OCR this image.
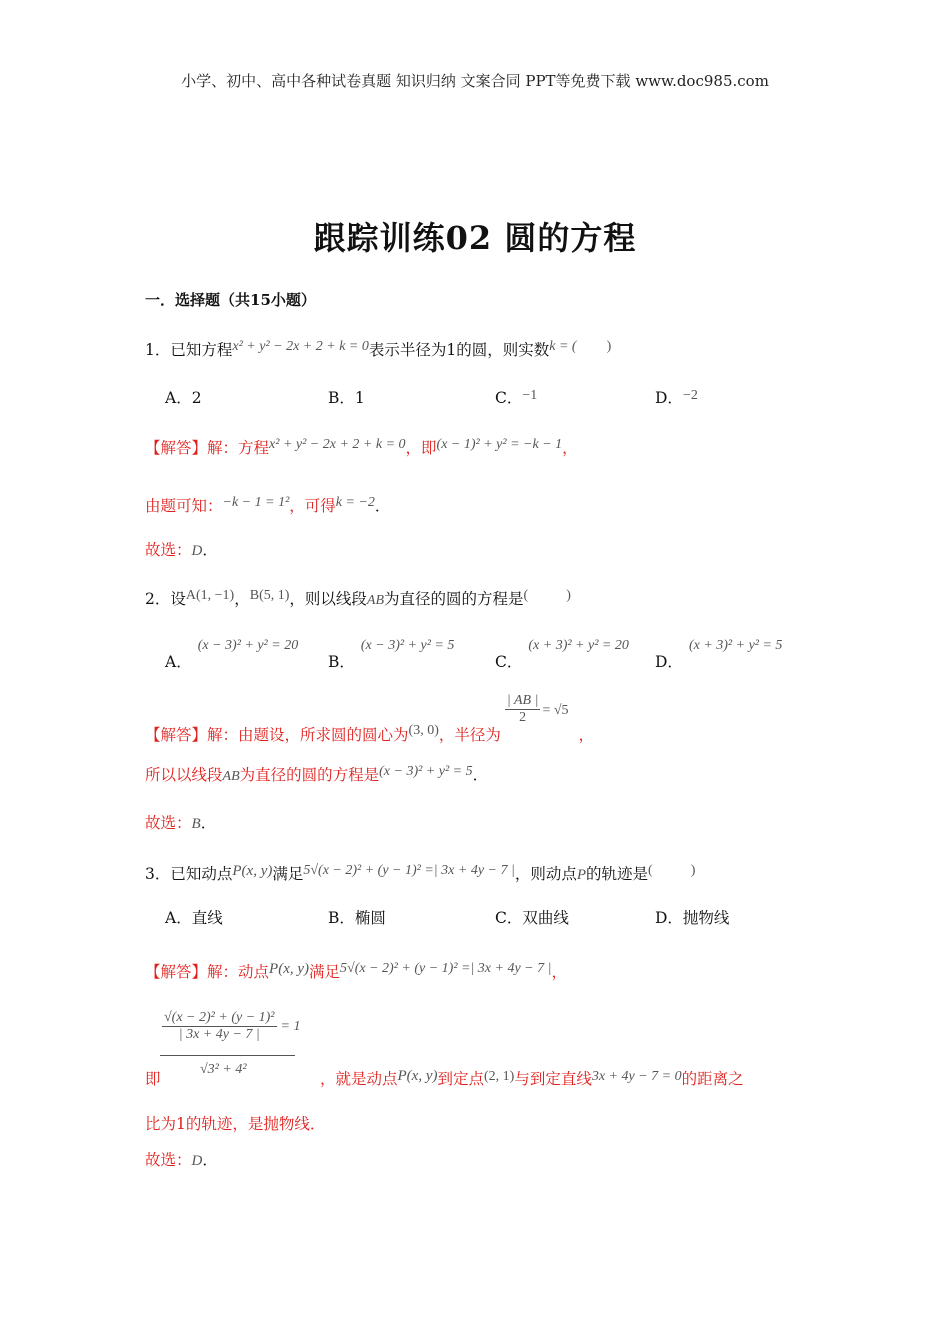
小学、初中、高中各种试卷真题 知识归纳 文案合同 PPT等免费下载 www.doc985.com
跟踪训练02 圆的方程
一．选择题（共15小题）
1．已知方程x² + y² − 2x + 2 + k = 0表示半径为1的圆，则实数k = ( )
A．2	B．1	C．−1	D．−2
【解答】解：方程x² + y² − 2x + 2 + k = 0，即(x − 1)² + y² = −k − 1，
由题可知：−k − 1 = 1²，可得k = −2．
故选：D．
2．设A(1, −1)，B(5, 1)，则以线段AB为直径的圆的方程是(	)
A．(x − 3)² + y² = 20
B．(x − 3)² + y² = 5
C．(x + 3)² + y² = 20
D．(x + 3)² + y² = 5
【解答】解：由题设，所求圆的圆心为(3, 0)，半径为
$\frac{| AB |}{2} = √5$，
所以以线段AB为直径的圆的方程是(x − 3)² + y² = 5．
故选：B．
3．已知动点P(x, y)满足5√(x − 2)² + (y − 1)² =| 3x + 4y − 7 |，则动点P的轨迹是(	)
A．直线	B．椭圆	C．双曲线	D．抛物线
【解答】解：动点P(x, y)满足5√(x − 2)² + (y − 1)² =| 3x + 4y − 7 |，
$\frac{\text{√(x − 2)² + (y − 1)²}}{| 3x + 4y - 7 |} = 1$
√3² + 4²
即	，就是动点P(x, y)到定点(2, 1)与到定直线3x + 4y − 7 = 0的距离之
比为1的轨迹，是抛物线．
故选：D．
